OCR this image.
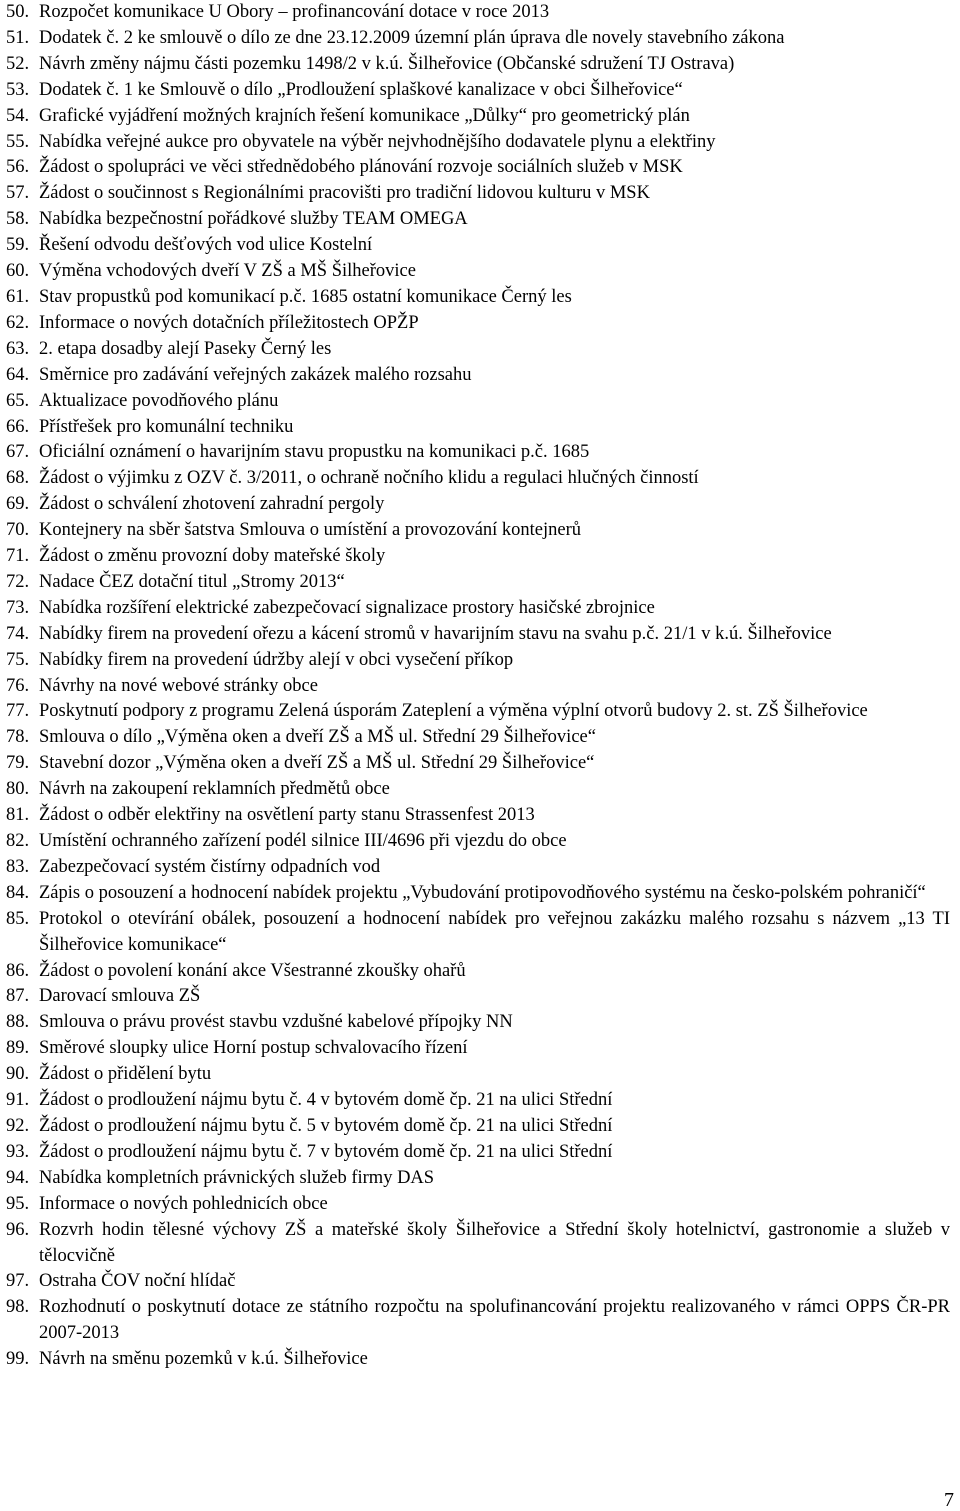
50. Rozpočet komunikace U Obory – profinancování dotace v roce 2013
51. Dodatek č. 2 ke smlouvě o dílo ze dne 23.12.2009 územní plán úprava dle novely stavebního zákona
52. Návrh změny nájmu části pozemku 1498/2 v k.ú. Šilheřovice (Občanské sdružení TJ Ostrava)
53. Dodatek č. 1 ke Smlouvě o dílo „Prodloužení splaškové kanalizace v obci Šilheřovice“
54. Grafické vyjádření možných krajních řešení komunikace „Důlky“ pro geometrický plán
55. Nabídka veřejné aukce pro obyvatele na výběr nejvhodnějšího dodavatele plynu a elektřiny
56. Žádost o spolupráci ve věci střednědobého plánování rozvoje sociálních služeb v MSK
57. Žádost o součinnost s Regionálními pracovišti pro tradiční lidovou kulturu v MSK
58. Nabídka bezpečnostní pořádkové služby TEAM OMEGA
59. Řešení odvodu dešťových vod ulice Kostelní
60. Výměna vchodových dveří V ZŠ a MŠ Šilheřovice
61. Stav propustků pod komunikací p.č. 1685 ostatní komunikace Černý les
62. Informace o nových dotačních příležitostech OPŽP
63. 2. etapa dosadby alejí Paseky Černý les
64. Směrnice pro zadávání veřejných zakázek malého rozsahu
65. Aktualizace povodňového plánu
66. Přístřešek pro komunální techniku
67. Oficiální oznámení o havarijním stavu propustku na komunikaci p.č. 1685
68. Žádost o výjimku z OZV č. 3/2011, o ochraně nočního klidu a regulaci hlučných činností
69. Žádost o schválení zhotovení zahradní pergoly
70. Kontejnery na sběr šatstva Smlouva o umístění a provozování kontejnerů
71. Žádost o změnu provozní doby mateřské školy
72. Nadace ČEZ dotační titul „Stromy 2013“
73. Nabídka rozšíření elektrické zabezpečovací signalizace prostory hasičské zbrojnice
74. Nabídky firem na provedení ořezu a kácení stromů v havarijním stavu na svahu p.č. 21/1 v k.ú. Šilheřovice
75. Nabídky firem na provedení údržby alejí v obci vysečení příkop
76. Návrhy na nové webové stránky obce
77. Poskytnutí podpory z programu Zelená úsporám Zateplení a výměna výplní otvorů budovy 2. st. ZŠ Šilheřovice
78. Smlouva o dílo „Výměna oken a dveří ZŠ a MŠ ul. Střední 29 Šilheřovice“
79. Stavební dozor „Výměna oken a dveří ZŠ a MŠ ul. Střední 29 Šilheřovice“
80. Návrh na zakoupení reklamních předmětů obce
81. Žádost o odběr elektřiny na osvětlení party stanu Strassenfest 2013
82. Umístění ochranného zařízení podél silnice III/4696 při vjezdu do obce
83. Zabezpečovací systém čistírny odpadních vod
84. Zápis o posouzení a hodnocení nabídek projektu „Vybudování protipovodňového systému na česko-polském pohraničí“
85. Protokol o otevírání obálek, posouzení a hodnocení nabídek pro veřejnou zakázku malého rozsahu s názvem „13 TI Šilheřovice komunikace“
86. Žádost o povolení konání akce Všestranné zkoušky ohařů
87. Darovací smlouva ZŠ
88. Smlouva o právu provést stavbu vzdušné kabelové přípojky NN
89. Směrové sloupky ulice Horní postup schvalovacího řízení
90. Žádost o přidělení bytu
91. Žádost o prodloužení nájmu bytu č. 4 v bytovém domě čp. 21 na ulici Střední
92. Žádost o prodloužení nájmu bytu č. 5 v bytovém domě čp. 21 na ulici Střední
93. Žádost o prodloužení nájmu bytu č. 7 v bytovém domě čp. 21 na ulici Střední
94. Nabídka kompletních právnických služeb firmy DAS
95. Informace o nových pohlednicích obce
96. Rozvrh hodin tělesné výchovy ZŠ a mateřské školy Šilheřovice a Střední školy hotelnictví, gastronomie a služeb v tělocvičně
97. Ostraha ČOV noční hlídač
98. Rozhodnutí o poskytnutí dotace ze státního rozpočtu na spolufinancování projektu realizovaného v rámci OPPS ČR-PR 2007-2013
99. Návrh na směnu pozemků v k.ú. Šilheřovice
7
